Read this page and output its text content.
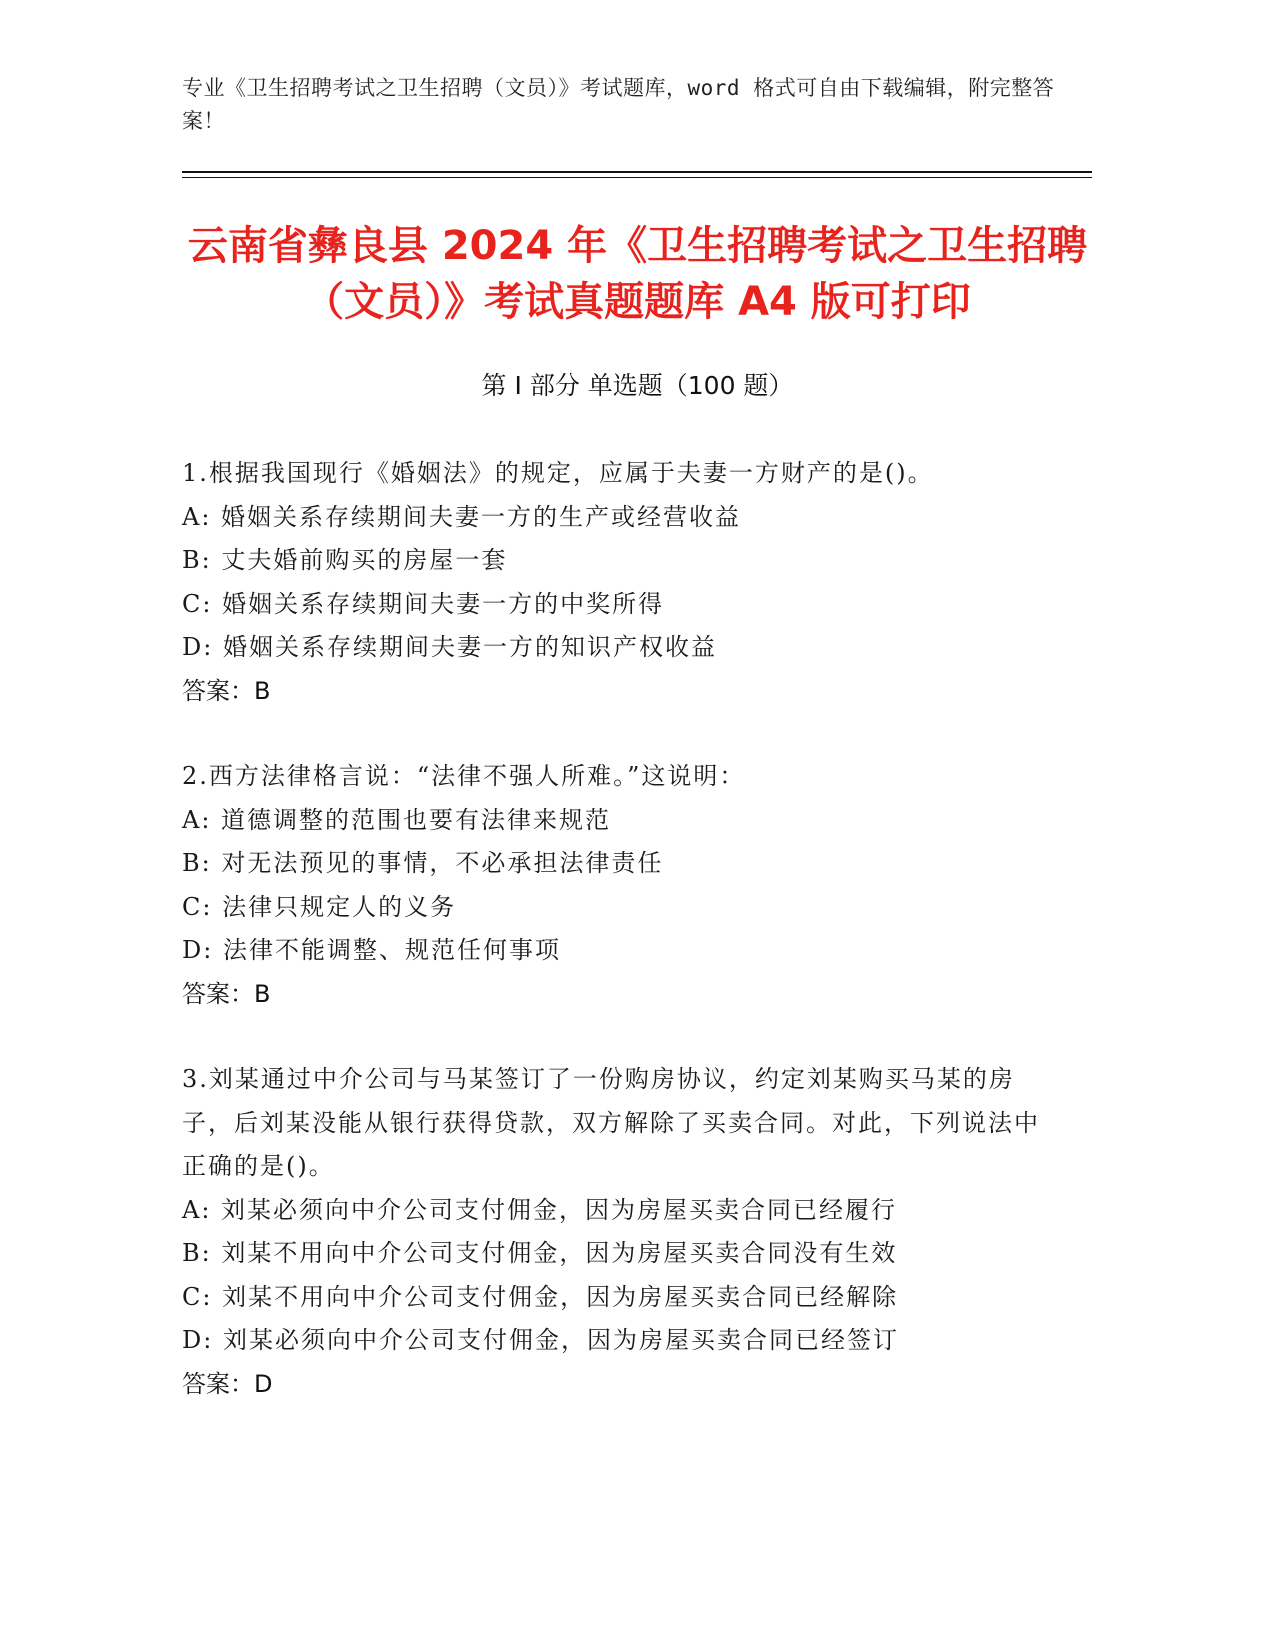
专业《卫生招聘考试之卫生招聘（文员）》考试题库，word 格式可自由下载编辑，附完整答案！
云南省彝良县 2024 年《卫生招聘考试之卫生招聘（文员）》考试真题题库 A4 版可打印
第 I 部分 单选题（100 题）
1.根据我国现行《婚姻法》的规定，应属于夫妻一方财产的是()。
A: 婚姻关系存续期间夫妻一方的生产或经营收益
B: 丈夫婚前购买的房屋一套
C: 婚姻关系存续期间夫妻一方的中奖所得
D: 婚姻关系存续期间夫妻一方的知识产权收益
答案：B
2.西方法律格言说：“法律不强人所难。”这说明：
A: 道德调整的范围也要有法律来规范
B: 对无法预见的事情，不必承担法律责任
C: 法律只规定人的义务
D: 法律不能调整、规范任何事项
答案：B
3.刘某通过中介公司与马某签订了一份购房协议，约定刘某购买马某的房子，后刘某没能从银行获得贷款，双方解除了买卖合同。对此，下列说法中正确的是()。
A: 刘某必须向中介公司支付佣金，因为房屋买卖合同已经履行
B: 刘某不用向中介公司支付佣金，因为房屋买卖合同没有生效
C: 刘某不用向中介公司支付佣金，因为房屋买卖合同已经解除
D: 刘某必须向中介公司支付佣金，因为房屋买卖合同已经签订
答案：D
